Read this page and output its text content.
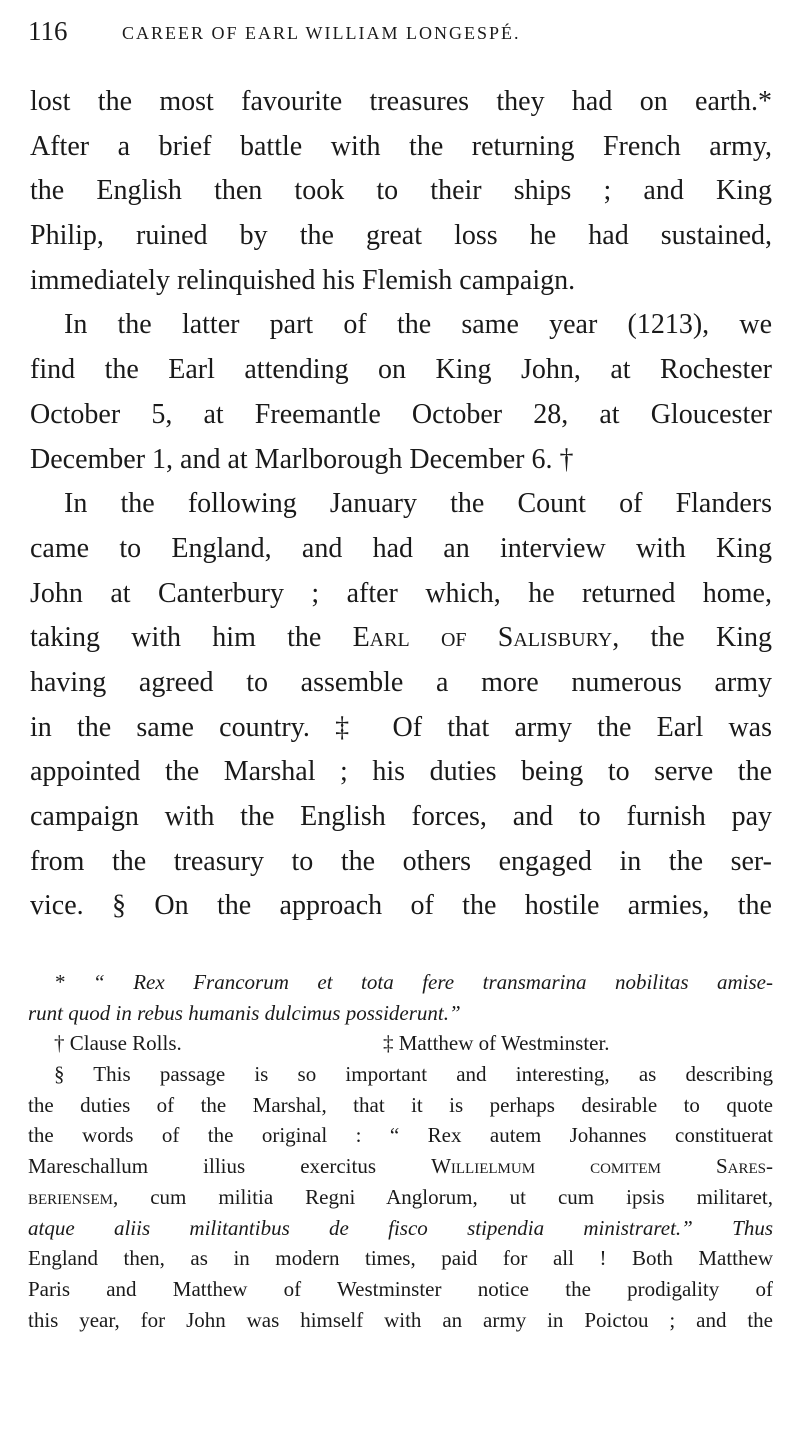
116	CAREER OF EARL WILLIAM LONGESPÉ.
lost the most favourite treasures they had on earth.*
After a brief battle with the returning French army,
the English then took to their ships ; and King
Philip, ruined by the great loss he had sustained,
immediately relinquished his Flemish campaign.
In the latter part of the same year (1213), we
find the Earl attending on King John, at Rochester
October 5, at Freemantle October 28, at Gloucester
December 1, and at Marlborough December 6. †
In the following January the Count of Flanders
came to England, and had an interview with King
John at Canterbury ; after which, he returned home,
taking with him the Earl of Salisbury, the King
having agreed to assemble a more numerous army
in the same country. ‡ Of that army the Earl was
appointed the Marshal ; his duties being to serve the
campaign with the English forces, and to furnish pay
from the treasury to the others engaged in the ser-
vice. § On the approach of the hostile armies, the
* “ Rex Francorum et tota fere transmarina nobilitas amise-
runt quod in rebus humanis dulcimus possiderunt.”
† Clause Rolls.	‡ Matthew of Westminster.
§ This passage is so important and interesting, as describing
the duties of the Marshal, that it is perhaps desirable to quote
the words of the original : “ Rex autem Johannes constituerat
Mareschallum illius exercitus Willielmum comitem Sares-
beriensem, cum militia Regni Anglorum, ut cum ipsis militaret,
atque aliis militantibus de fisco stipendia ministraret.” Thus
England then, as in modern times, paid for all ! Both Matthew
Paris and Matthew of Westminster notice the prodigality of
this year, for John was himself with an army in Poictou ; and the
